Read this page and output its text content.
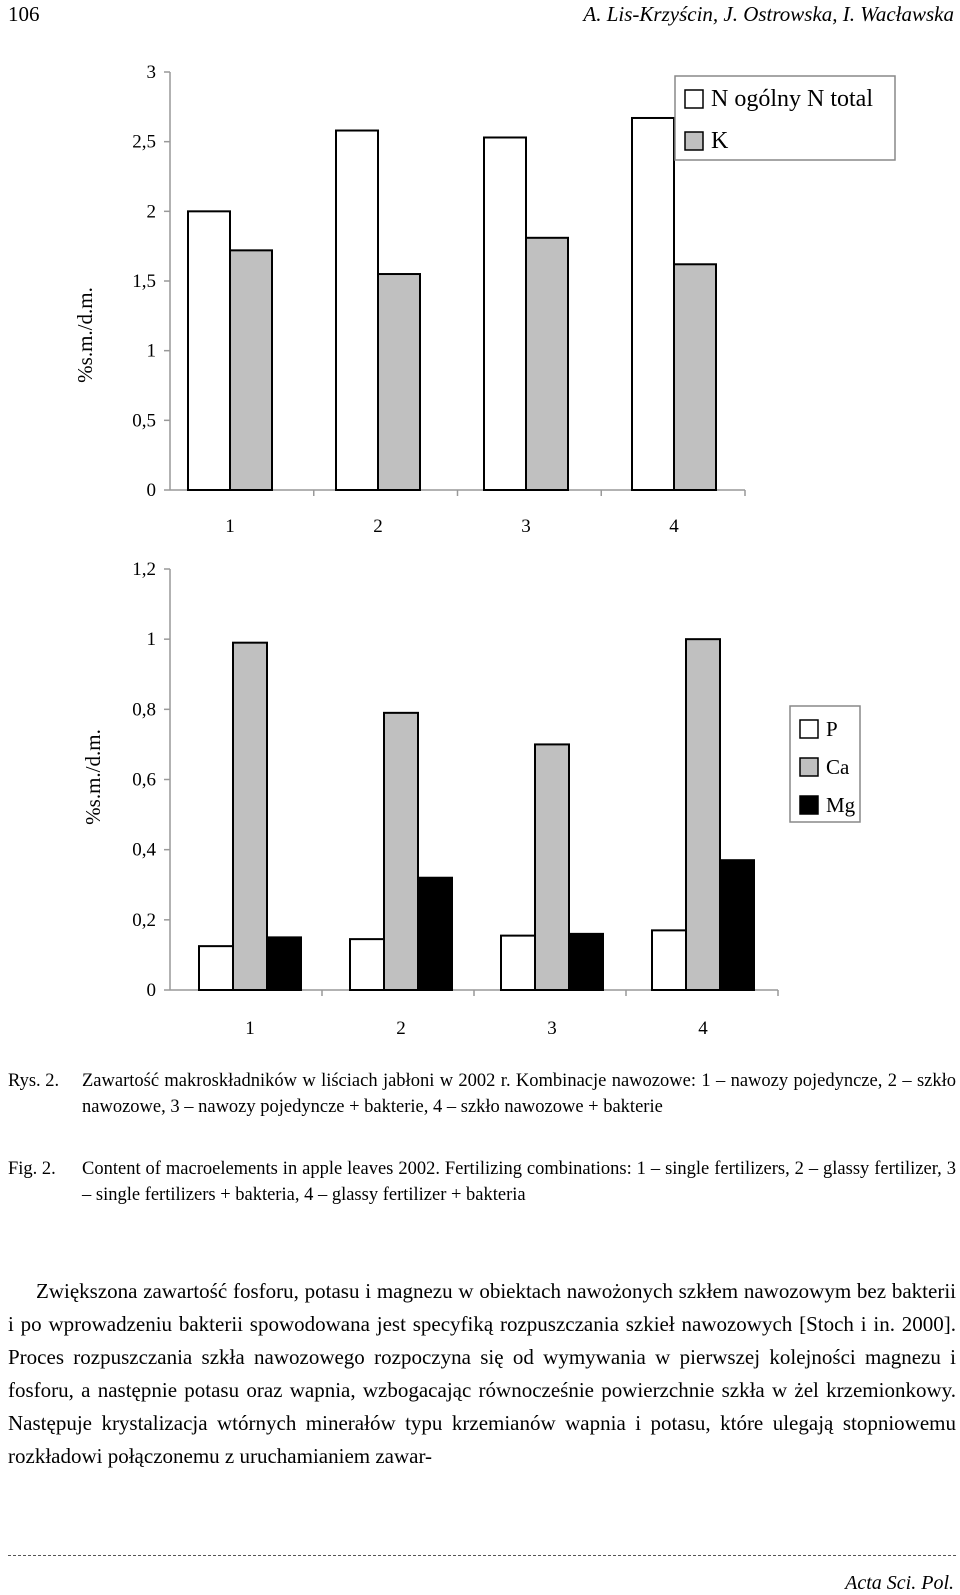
106	A. Lis-Krzyścin, J. Ostrowska, I. Wacławska
0
0,5
1
1,5
2
2,5
3
1	2	3	4
%s.m./d.m.
N ogólny N total
K
0
0,2
0,4
0,6
0,8
1
1,2
1	2	3	4
%s.m./d.m.
P
Ca
Mg
Rys. 2.	Zawartość makroskładników w liściach jabłoni w 2002 r. Kombinacje nawozowe: 1 – nawozy pojedyncze, 2 – szkło nawozowe, 3 – nawozy pojedyncze + bakterie, 4 – szkło nawozowe + bakterie
Fig. 2.	Content of macroelements in apple leaves 2002. Fertilizing combinations: 1 – single fertilizers, 2 – glassy fertilizer, 3 – single fertilizers + bakteria, 4 – glassy fertilizer + bakteria

Zwiększona zawartość fosforu, potasu i magnezu w obiektach nawożonych szkłem nawozowym bez bakterii i po wprowadzeniu bakterii spowodowana jest specyfiką rozpuszczania szkieł nawozowych [Stoch i in. 2000]. Proces rozpuszczania szkła nawozowego rozpoczyna się od wymywania w pierwszej kolejności magnezu i fosforu, a następnie potasu oraz wapnia, wzbogacając równocześnie powierzchnie szkła w żel krzemionkowy. Następuje krystalizacja wtórnych minerałów typu krzemianów wapnia i potasu, które ulegają stopniowemu rozkładowi połączonemu z uruchamianiem zawar-

Acta Sci. Pol.
